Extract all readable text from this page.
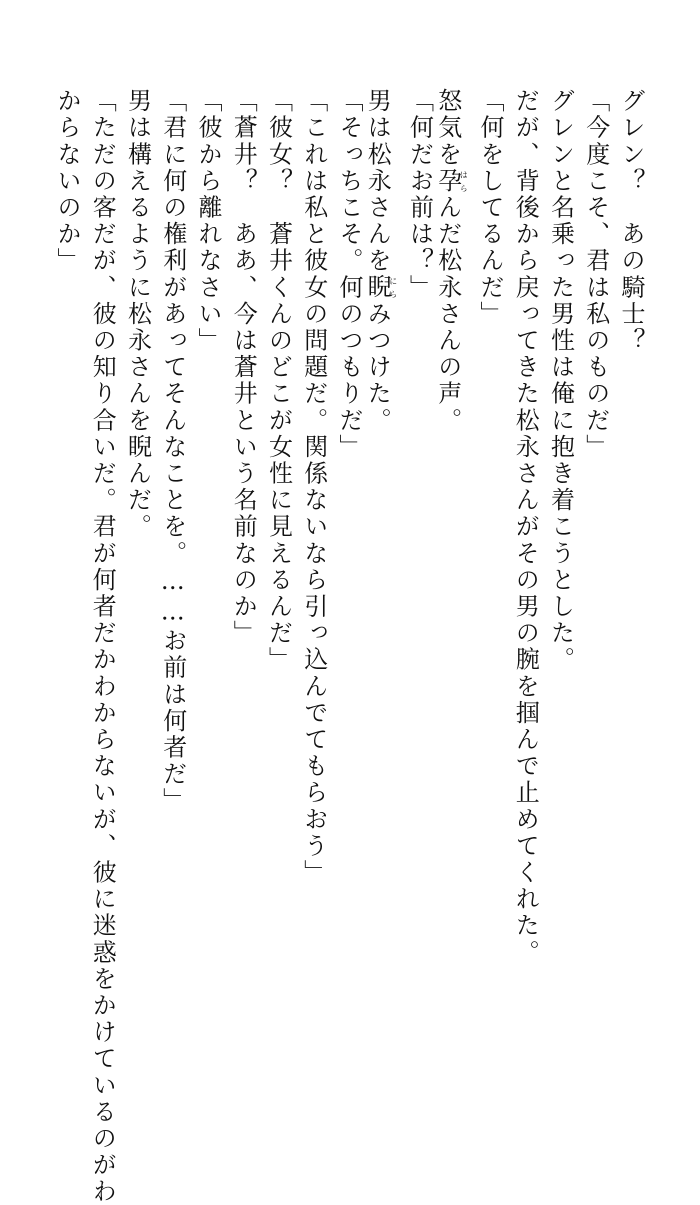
グレン？　あの騎士？
「今度こそ、君は私のものだ」
グレンと名乗った男性は俺に抱き着こうとした。
だが、背後から戻ってきた松永さんがその男の腕を掴んで止めてくれた。
「何をしてるんだ」
怒気を孕はらんだ松永さんの声。
「何だお前は？」
男は松永さんを睨にらみつけた。
「そっちこそ。何のつもりだ」
「これは私と彼女の問題だ。関係ないなら引っ込んでてもらおう」
「彼女？　蒼井くんのどこが女性に見えるんだ」
「蒼井？　ああ、今は蒼井という名前なのか」
「彼から離れなさい」
「君に何の権利があってそんなことを。……お前は何者だ」
男は構えるように松永さんを睨んだ。
「ただの客だが、彼の知り合いだ。君が何者だかわからないが、彼に迷惑をかけているのがわ
からないのか」
